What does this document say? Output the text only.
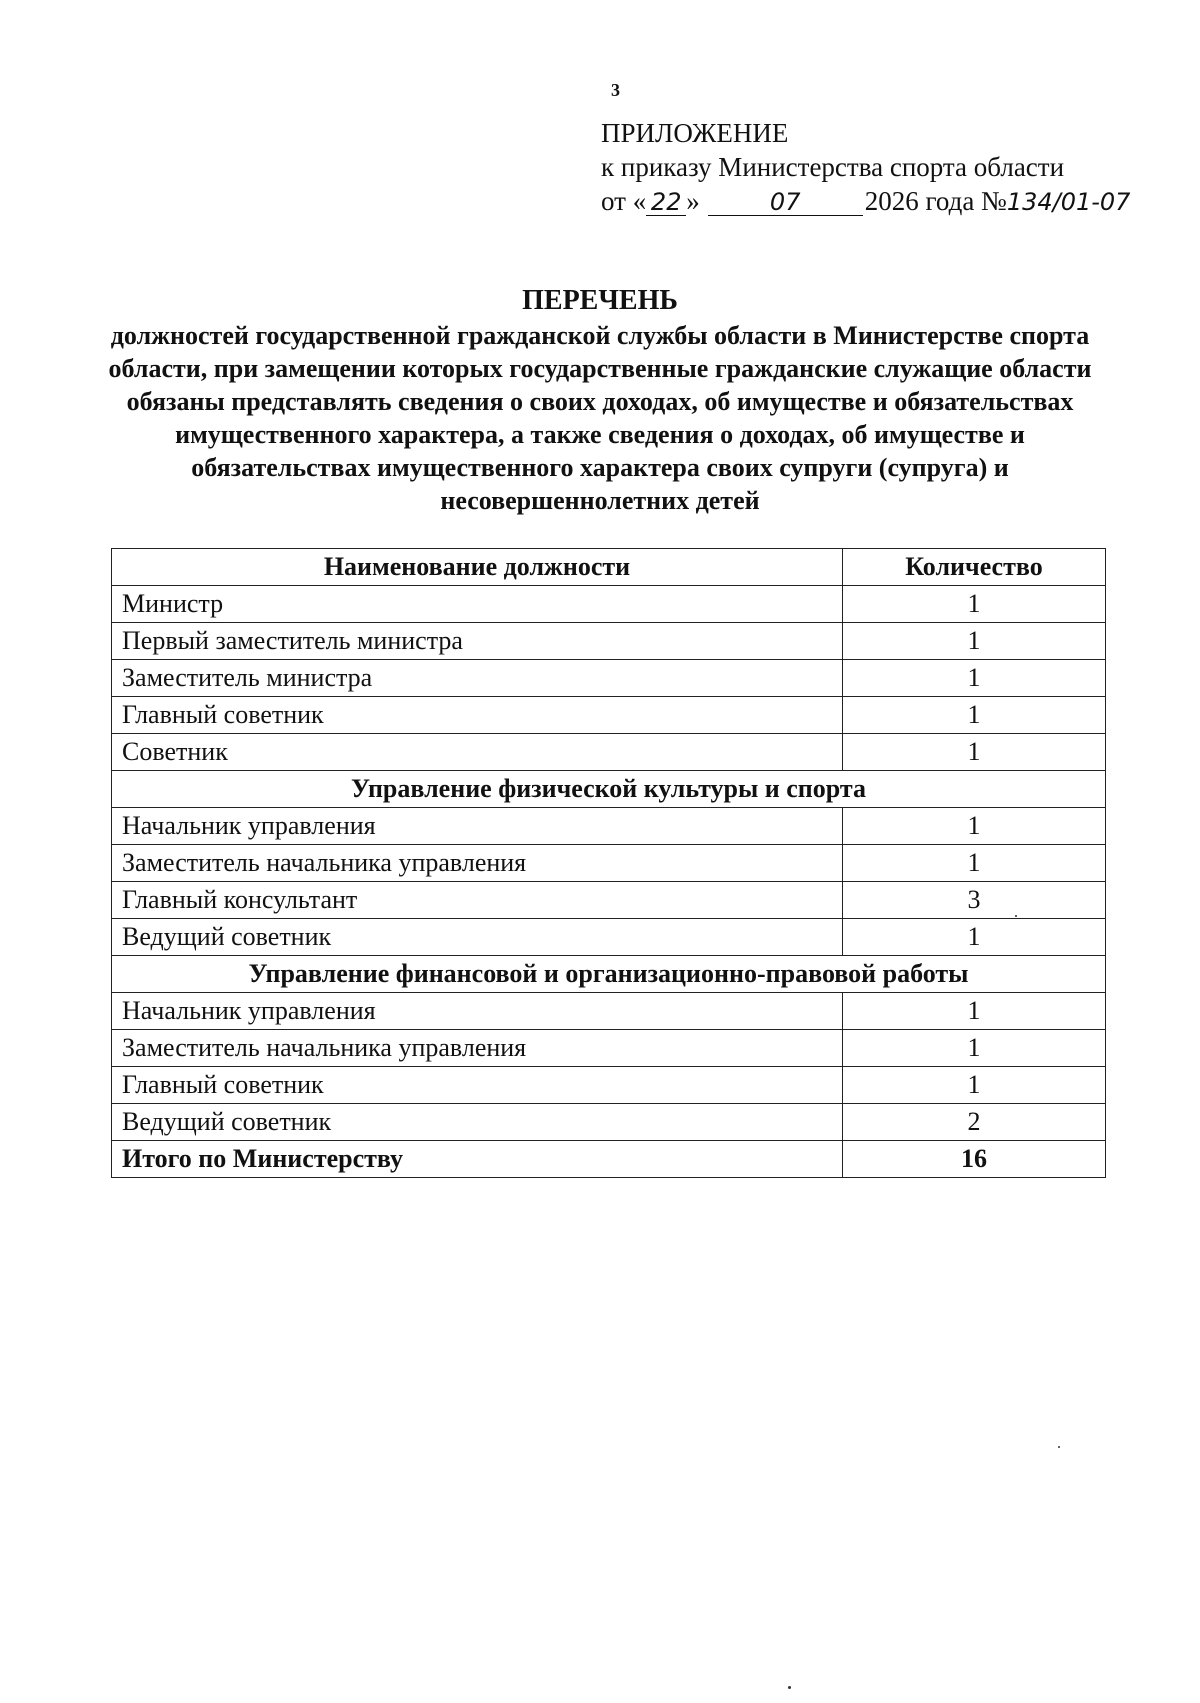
3
ПРИЛОЖЕНИЕ
к приказу Министерства спорта области
от « 22 »	07 2026 года №134/01-07
ПЕРЕЧЕНЬ
должностей государственной гражданской службы области в Министерстве спорта области, при замещении которых государственные гражданские служащие области обязаны представлять сведения о своих доходах, об имуществе и обязательствах имущественного характера, а также сведения о доходах, об имуществе и обязательствах имущественного характера своих супруги (супруга) и несовершеннолетних детей
Наименование должности	Количество
Министр	1
Первый заместитель министра	1
Заместитель министра	1
Главный советник	1
Советник	1
Управление физической культуры и спорта	
Начальник управления	1
Заместитель начальника управления	1
Главный консультант	3
Ведущий советник	1
Управление финансовой и организационно-правовой работы	
Начальник управления	1
Заместитель начальника управления	1
Главный советник	1
Ведущий советник	2
Итого по Министерству	16
